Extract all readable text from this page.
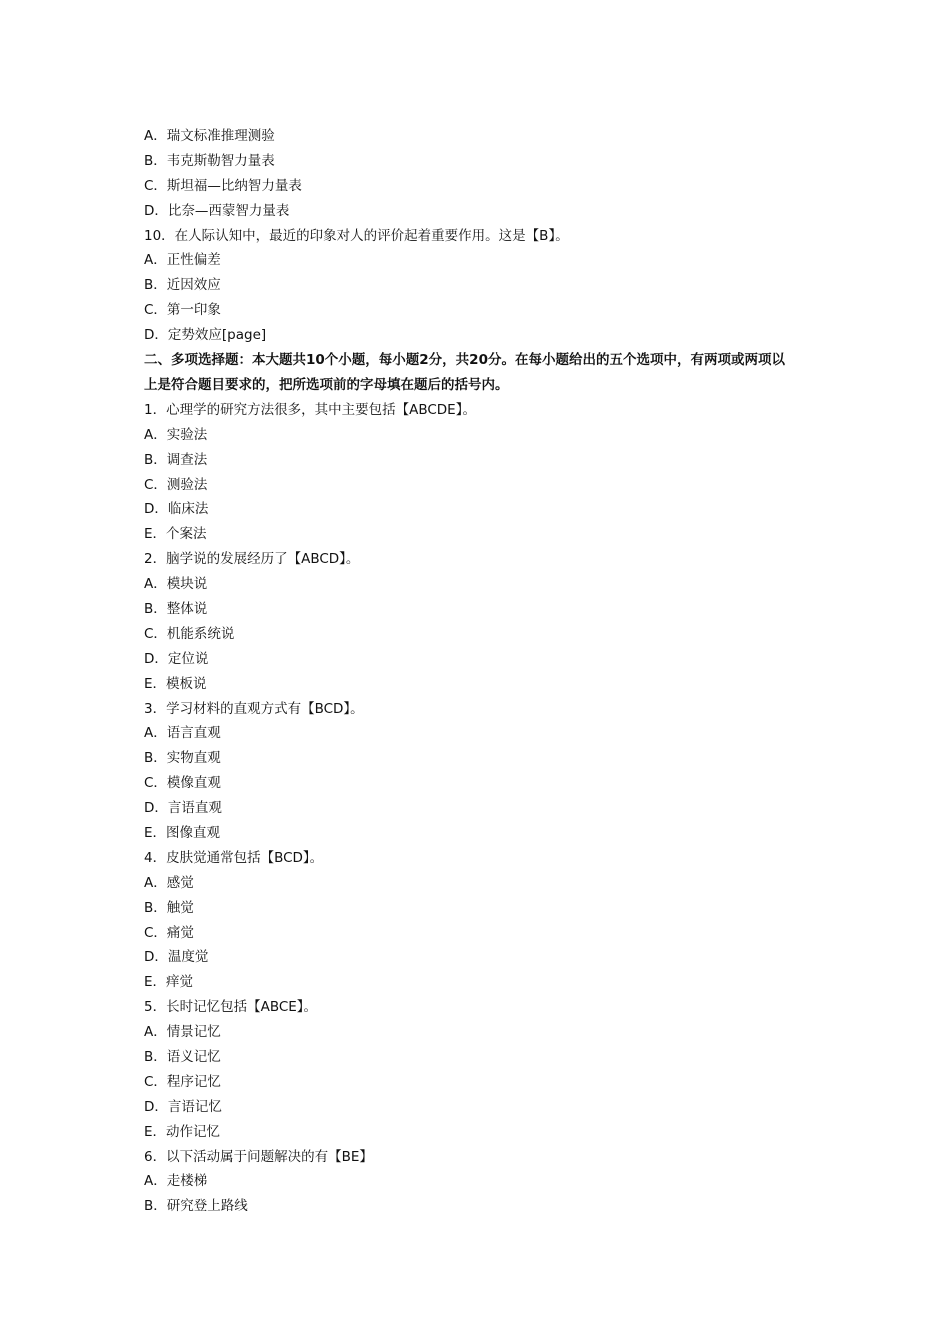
A．瑞文标准推理测验
B．韦克斯勒智力量表
C．斯坦福—比纳智力量表
D．比奈—西蒙智力量表
10．在人际认知中，最近的印象对人的评价起着重要作用。这是【B】。
A．正性偏差
B．近因效应
C．第一印象
D．定势效应[page]
二、多项选择题：本大题共10个小题，每小题2分，共20分。在每小题给出的五个选项中，有两项或两项以
上是符合题目要求的，把所选项前的字母填在题后的括号内。
1．心理学的研究方法很多，其中主要包括【ABCDE】。
A．实验法
B．调查法
C．测验法
D．临床法
E．个案法
2．脑学说的发展经历了【ABCD】。
A．模块说
B．整体说
C．机能系统说
D．定位说
E．模板说
3．学习材料的直观方式有【BCD】。
A．语言直观
B．实物直观
C．模像直观
D．言语直观
E．图像直观
4．皮肤觉通常包括【BCD】。
A．感觉
B．触觉
C．痛觉
D．温度觉
E．痒觉
5．长时记忆包括【ABCE】。
A．情景记忆
B．语义记忆
C．程序记忆
D．言语记忆
E．动作记忆
6．以下活动属于问题解决的有【BE】
A．走楼梯
B．研究登上路线
